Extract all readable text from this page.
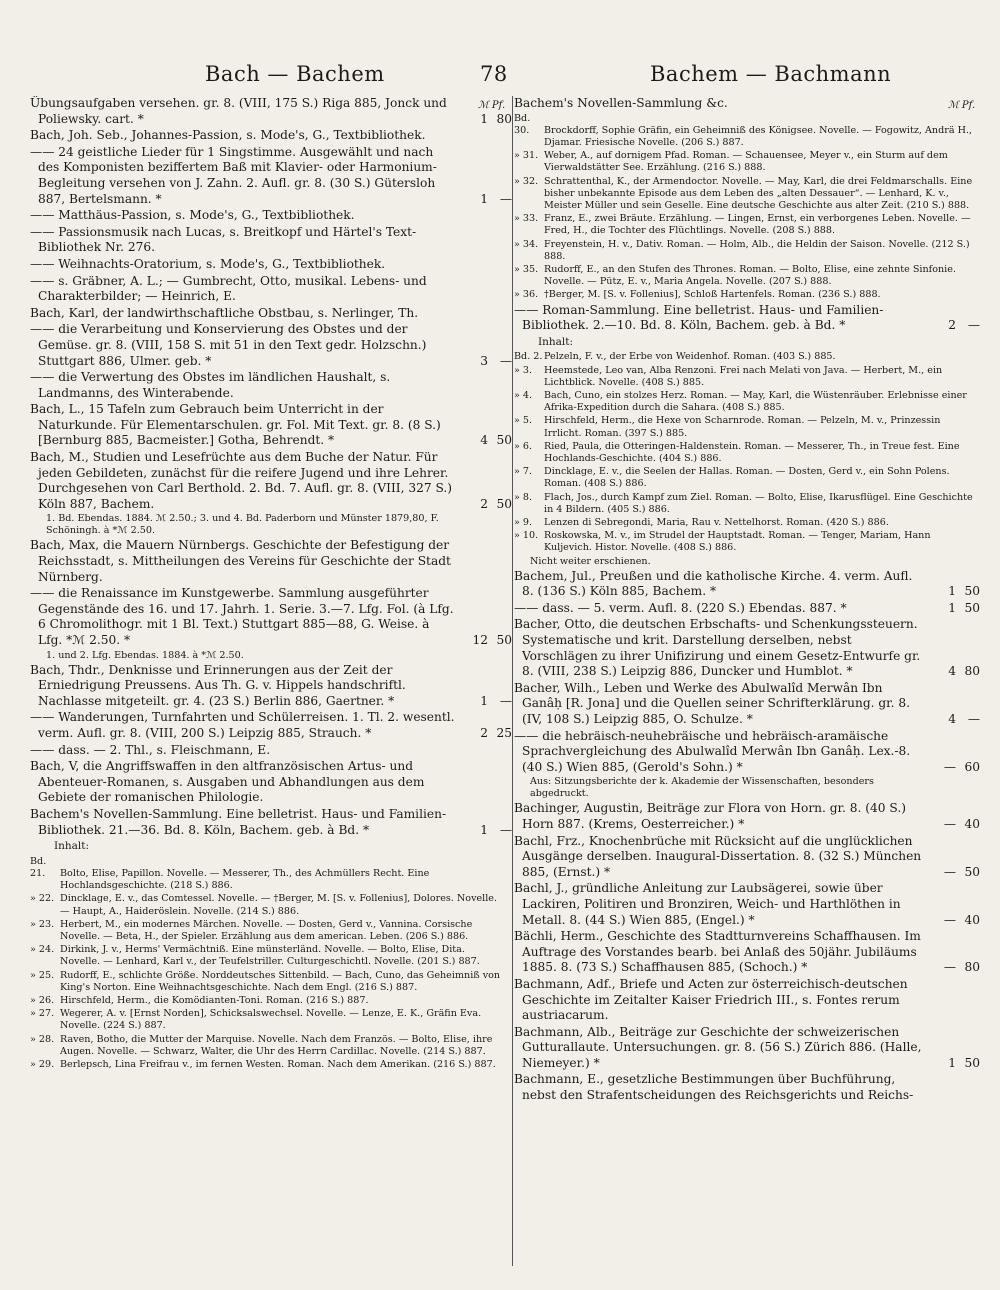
Bach — Bachem	78	Bachem — Bachmann
ℳ Pf.	ℳ Pf.
Übungsaufgaben versehen. gr. 8. (VIII, 175 S.) Riga 885, Jonck und Poliewsky. cart. *	1 80
Bach, Joh. Seb., Johannes-Passion, s. Mode's, G., Textbibliothek.
—— 24 geistliche Lieder für 1 Singstimme. Ausgewählt und nach des Komponisten beziffertem Baß mit Klavier- oder Harmonium-Begleitung versehen von J. Zahn. 2. Aufl. gr. 8. (30 S.) Gütersloh 887, Bertelsmann. *	1 —
—— Matthäus-Passion, s. Mode's, G., Textbibliothek.
—— Passionsmusik nach Lucas, s. Breitkopf und Härtel's Text-Bibliothek Nr. 276.
—— Weihnachts-Oratorium, s. Mode's, G., Textbibliothek.
—— s. Gräbner, A. L.; — Gumbrecht, Otto, musikal. Lebens- und Charakterbilder; — Heinrich, E.
Bach, Karl, der landwirthschaftliche Obstbau, s. Nerlinger, Th.
—— die Verarbeitung und Konservierung des Obstes und der Gemüse. gr. 8. (VIII, 158 S. mit 51 in den Text gedr. Holzschn.) Stuttgart 886, Ulmer. geb. *	3 —
—— die Verwertung des Obstes im ländlichen Haushalt, s. Landmanns, des Winterabende.
Bach, L., 15 Tafeln zum Gebrauch beim Unterricht in der Naturkunde. Für Elementarschulen. gr. Fol. Mit Text. gr. 8. (8 S.) [Bernburg 885, Bacmeister.] Gotha, Behrendt. *	4 50
Bach, M., Studien und Lesefrüchte aus dem Buche der Natur. Für jeden Gebildeten, zunächst für die reifere Jugend und ihre Lehrer. Durchgesehen von Carl Berthold. 2. Bd. 7. Aufl. gr. 8. (VIII, 327 S.) Köln 887, Bachem.	2 50
1. Bd. Ebendas. 1884. ℳ 2.50.; 3. und 4. Bd. Paderborn und Münster 1879,80, F. Schöningh. à *ℳ 2.50.
Bach, Max, die Mauern Nürnbergs. Geschichte der Befestigung der Reichsstadt, s. Mittheilungen des Vereins für Geschichte der Stadt Nürnberg.
—— die Renaissance im Kunstgewerbe. Sammlung ausgeführter Gegenstände des 16. und 17. Jahrh. 1. Serie. 3.—7. Lfg. Fol. (à Lfg. 6 Chromolithogr. mit 1 Bl. Text.) Stuttgart 885—88, G. Weise. à Lfg. *ℳ 2.50. *	12 50
1. und 2. Lfg. Ebendas. 1884. à *ℳ 2.50.
Bach, Thdr., Denknisse und Erinnerungen aus der Zeit der Erniedrigung Preussens. Aus Th. G. v. Hippels handschriftl. Nachlasse mitgeteilt. gr. 4. (23 S.) Berlin 886, Gaertner. *	1 —
—— Wanderungen, Turnfahrten und Schülerreisen. 1. Tl. 2. wesentl. verm. Aufl. gr. 8. (VIII, 200 S.) Leipzig 885, Strauch. *	2 25
—— dass. — 2. Thl., s. Fleischmann, E.
Bach, V, die Angriffswaffen in den altfranzösischen Artus- und Abenteuer-Romanen, s. Ausgaben und Abhandlungen aus dem Gebiete der romanischen Philologie.
Bachem's Novellen-Sammlung. Eine belletrist. Haus- und Familien-Bibliothek. 21.—36. Bd. 8. Köln, Bachem. geb. à Bd. *	1 —
Inhalt:
Bd. 21. Bolto, Elise, Papillon. Novelle. — Messerer, Th., des Achmüllers Recht. Eine Hochlandsgeschichte. (218 S.) 886.
» 22. Dincklage, E. v., das Comtessel. Novelle. — †Berger, M. [S. v. Follenius], Dolores. Novelle. — Haupt, A., Haideröslein. Novelle. (214 S.) 886.
» 23. Herbert, M., ein modernes Märchen. Novelle. — Dosten, Gerd v., Vannina. Corsische Novelle. — Beta, H., der Spieler. Erzählung aus dem american. Leben. (206 S.) 886.
» 24. Dirkink, J. v., Herms' Vermächtniß. Eine münsterländ. Novelle. — Bolto, Elise, Dita. Novelle. — Lenhard, Karl v., der Teufelstriller. Culturgeschichtl. Novelle. (201 S.) 887.
» 25. Rudorff, E., schlichte Größe. Norddeutsches Sittenbild. — Bach, Cuno, das Geheimniß von King's Norton. Eine Weihnachtsgeschichte. Nach dem Engl. (216 S.) 887.
» 26. Hirschfeld, Herm., die Komödianten-Toni. Roman. (216 S.) 887.
» 27. Wegerer, A. v. [Ernst Norden], Schicksalswechsel. Novelle. — Lenze, E. K., Gräfin Eva. Novelle. (224 S.) 887.
» 28. Raven, Botho, die Mutter der Marquise. Novelle. Nach dem Französ. — Bolto, Elise, ihre Augen. Novelle. — Schwarz, Walter, die Uhr des Herrn Cardillac. Novelle. (214 S.) 887.
» 29. Berlepsch, Lina Freifrau v., im fernen Westen. Roman. Nach dem Amerikan. (216 S.) 887.
Bachem's Novellen-Sammlung &c.
Bd. 30. Brockdorff, Sophie Gräfin, ein Geheimniß des Königsee. Novelle. — Fogowitz, Andrä H., Djamar. Friesische Novelle. (206 S.) 887.
» 31. Weber, A., auf dornigem Pfad. Roman. — Schauensee, Meyer v., ein Sturm auf dem Vierwaldstätter See. Erzählung. (216 S.) 888.
» 32. Schrattenthal, K., der Armendoctor. Novelle. — May, Karl, die drei Feldmarschalls. Eine bisher unbekannte Episode aus dem Leben des „alten Dessauer“. — Lenhard, K. v., Meister Müller und sein Geselle. Eine deutsche Geschichte aus alter Zeit. (210 S.) 888.
» 33. Franz, E., zwei Bräute. Erzählung. — Lingen, Ernst, ein verborgenes Leben. Novelle. — Fred, H., die Tochter des Flüchtlings. Novelle. (208 S.) 888.
» 34. Freyenstein, H. v., Dativ. Roman. — Holm, Alb., die Heldin der Saison. Novelle. (212 S.) 888.
» 35. Rudorff, E., an den Stufen des Thrones. Roman. — Bolto, Elise, eine zehnte Sinfonie. Novelle. — Pütz, E. v., Maria Angela. Novelle. (207 S.) 888.
» 36. †Berger, M. [S. v. Follenius], Schloß Hartenfels. Roman. (236 S.) 888.
—— Roman-Sammlung. Eine belletrist. Haus- und Familien-Bibliothek. 2.—10. Bd. 8. Köln, Bachem. geb. à Bd. *	2 —
Inhalt:
Bd. 2. Pelzeln, F. v., der Erbe von Weidenhof. Roman. (403 S.) 885.
» 3. Heemstede, Leo van, Alba Renzoni. Frei nach Melati von Java. — Herbert, M., ein Lichtblick. Novelle. (408 S.) 885.
» 4. Bach, Cuno, ein stolzes Herz. Roman. — May, Karl, die Wüstenräuber. Erlebnisse einer Afrika-Expedition durch die Sahara. (408 S.) 885.
» 5. Hirschfeld, Herm., die Hexe von Scharnrode. Roman. — Pelzeln, M. v., Prinzessin Irrlicht. Roman. (397 S.) 885.
» 6. Ried, Paula, die Otteringen-Haldenstein. Roman. — Messerer, Th., in Treue fest. Eine Hochlands-Geschichte. (404 S.) 886.
» 7. Dincklage, E. v., die Seelen der Hallas. Roman. — Dosten, Gerd v., ein Sohn Polens. Roman. (408 S.) 886.
» 8. Flach, Jos., durch Kampf zum Ziel. Roman. — Bolto, Elise, Ikarusflügel. Eine Geschichte in 4 Bildern. (405 S.) 886.
» 9. Lenzen di Sebregondi, Maria, Rau v. Nettelhorst. Roman. (420 S.) 886.
» 10. Roskowska, M. v., im Strudel der Hauptstadt. Roman. — Tenger, Mariam, Hann Kuljevich. Histor. Novelle. (408 S.) 886.
Nicht weiter erschienen.
Bachem, Jul., Preußen und die katholische Kirche. 4. verm. Aufl. 8. (136 S.) Köln 885, Bachem. *	1 50
—— dass. — 5. verm. Aufl. 8. (220 S.) Ebendas. 887. *	1 50
Bacher, Otto, die deutschen Erbschafts- und Schenkungssteuern. Systematische und krit. Darstellung derselben, nebst Vorschlägen zu ihrer Unifizirung und einem Gesetz-Entwurfe gr. 8. (VIII, 238 S.) Leipzig 886, Duncker und Humblot. *	4 80
Bacher, Wilh., Leben und Werke des Abulwalîd Merwân Ibn Ganâḥ [R. Jona] und die Quellen seiner Schrifterklärung. gr. 8. (IV, 108 S.) Leipzig 885, O. Schulze. *	4 —
—— die hebräisch-neuhebräische und hebräisch-aramäische Sprachvergleichung des Abulwalîd Merwân Ibn Ganâḥ. Lex.-8. (40 S.) Wien 885, (Gerold's Sohn.) *	— 60
Aus: Sitzungsberichte der k. Akademie der Wissenschaften, besonders abgedruckt.
Bachinger, Augustin, Beiträge zur Flora von Horn. gr. 8. (40 S.) Horn 887. (Krems, Oesterreicher.) *	— 40
Bachl, Frz., Knochenbrüche mit Rücksicht auf die unglücklichen Ausgänge derselben. Inaugural-Dissertation. 8. (32 S.) München 885, (Ernst.) *	— 50
Bachl, J., gründliche Anleitung zur Laubsägerei, sowie über Lackiren, Politiren und Bronziren, Weich- und Harthlöthen in Metall. 8. (44 S.) Wien 885, (Engel.) *	— 40
Bächli, Herm., Geschichte des Stadtturnvereins Schaffhausen. Im Auftrage des Vorstandes bearb. bei Anlaß des 50jähr. Jubiläums 1885. 8. (73 S.) Schaffhausen 885, (Schoch.) *	— 80
Bachmann, Adf., Briefe und Acten zur österreichisch-deutschen Geschichte im Zeitalter Kaiser Friedrich III., s. Fontes rerum austriacarum.
Bachmann, Alb., Beiträge zur Geschichte der schweizerischen Gutturallaute. Untersuchungen. gr. 8. (56 S.) Zürich 886. (Halle, Niemeyer.) *	1 50
Bachmann, E., gesetzliche Bestimmungen über Buchführung, nebst den Strafentscheidungen des Reichsgerichts und Reichs-
